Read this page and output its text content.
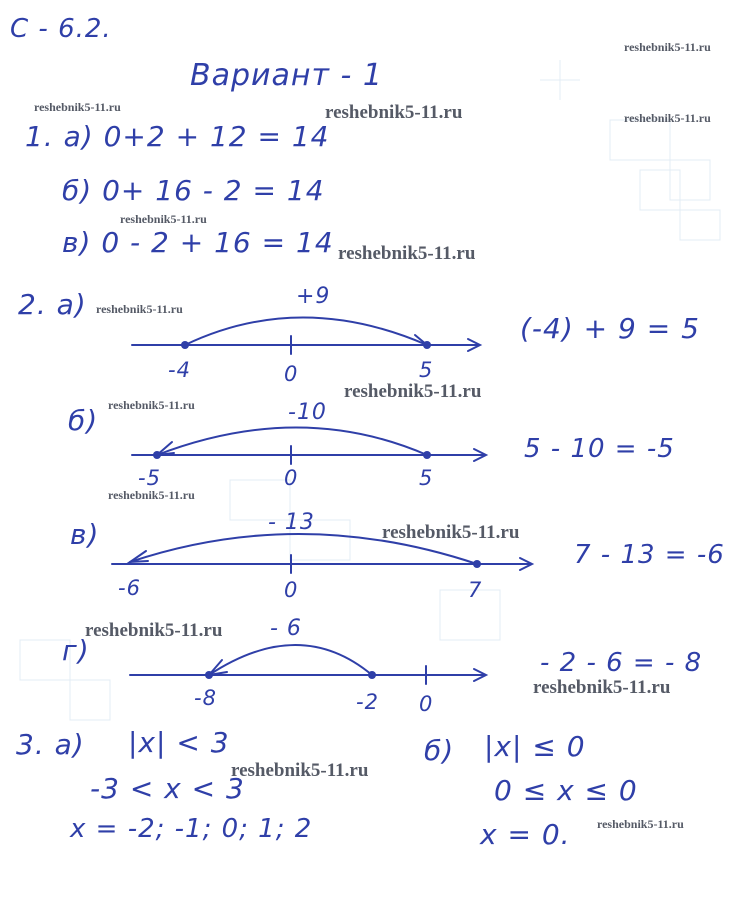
С - 6.2.
Вариант - 1
reshebnik5-11.ru
reshebnik5-11.ru	reshebnik5-11.ru	reshebnik5-11.ru
reshebnik5-11.ru
reshebnik5-11.ru
reshebnik5-11.ru
reshebnik5-11.ru
reshebnik5-11.ru
reshebnik5-11.ru
reshebnik5-11.ru
reshebnik5-11.ru
reshebnik5-11.ru
reshebnik5-11.ru
reshebnik5-11.ru
1. а) 0+2 + 12 = 14
б) 0+ 16 - 2 = 14
в) 0 - 2 + 16 = 14
2. а)	+9
-4	0	5
(-4) + 9 = 5
б)	-10
-5	0	5
5 - 10 = -5
в)	- 13
-6	0	7
7 - 13 = -6
г)
- 6
-8	-2 0
- 2 - 6 = - 8
3. а) |x| < 3
-3 < x < 3
x = -2; -1; 0; 1; 2
б) |x| ≤ 0
0 ≤ x ≤ 0
x = 0.
